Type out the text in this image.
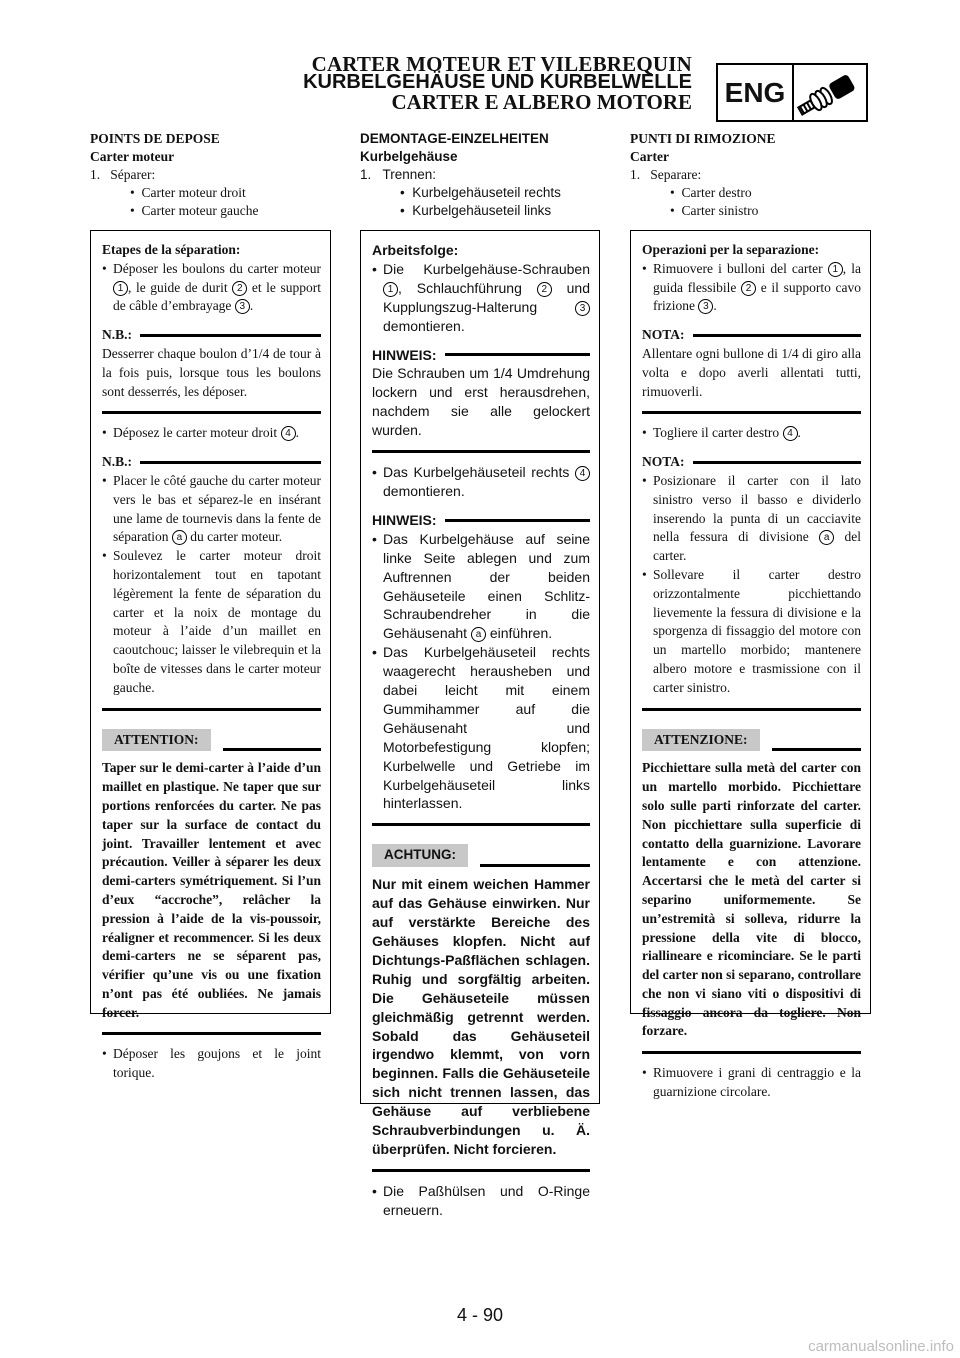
CARTER MOTEUR ET VILEBREQUIN
KURBELGEHÄUSE UND KURBELWELLE
CARTER E ALBERO MOTORE	ENG
POINTS DE DEPOSE
Carter moteur
1.   Séparer:
•  Carter moteur droit
•  Carter moteur gauche
DEMONTAGE-EINZELHEITEN
Kurbelgehäuse
1.   Trennen:
•  Kurbelgehäuseteil rechts
•  Kurbelgehäuseteil links
PUNTI DI RIMOZIONE
Carter
1.   Separare:
•  Carter destro
•  Carter sinistro

Etapes de la séparation:

• Déposer les boulons du carter moteur 1 , le guide de durit 2 et le support de câble d’embrayage 3 .
N.B.:

Desserrer chaque boulon d’1/4 de tour à la fois puis, lorsque tous les boulons sont desserrés, les déposer.

• Déposez le carter moteur droit 4 .
N.B.:
• Placer le côté gauche du carter moteur vers le bas et séparez-le en insérant une lame de tournevis dans la fente de séparation a du carter moteur.
• Soulevez le carter moteur droit horizontalement tout en tapotant légèrement la fente de séparation du carter et la noix de montage du moteur à l’aide d’un maillet en caoutchouc; laisser le vilebrequin et la boîte de vitesses dans le carter moteur gauche.
ATTENTION:

Taper sur le demi-carter à l’aide d’un maillet en plastique. Ne taper que sur portions renforcées du carter. Ne pas taper sur la surface de contact du joint. Travailler lentement et avec précaution. Veiller à séparer les deux demi-carters symétriquement. Si l’un d’eux “accroche”, relâcher la pression à l’aide de la vis-poussoir, réaligner et recommencer. Si les deux demi-carters ne se séparent pas, vérifier qu’une vis ou une fixation n’ont pas été oubliées. Ne jamais forcer.

• Déposer les goujons et le joint torique.

Arbeitsfolge:

• Die Kurbelgehäuse-Schrauben 1 , Schlauchführung 2 und Kupplungszug-Halterung 3 demontieren.
HINWEIS:

Die Schrauben um 1/4 Umdrehung lockern und erst herausdrehen, nachdem sie alle gelockert wurden.

• Das Kurbelgehäuseteil rechts 4 demontieren.
HINWEIS:
• Das Kurbelgehäuse auf seine linke Seite ablegen und zum Auftrennen der beiden Gehäuseteile einen Schlitz-Schraubendreher in die Gehäusenaht a einführen.
• Das Kurbelgehäuseteil rechts waagerecht herausheben und dabei leicht mit einem Gummihammer auf die Gehäusenaht und Motorbefestigung klopfen; Kurbelwelle und Getriebe im Kurbelgehäuseteil links hinterlassen.
ACHTUNG:

Nur mit einem weichen Hammer auf das Gehäuse einwirken. Nur auf verstärkte Bereiche des Gehäuses klopfen. Nicht auf Dichtungs-Paßflächen schlagen. Ruhig und sorgfältig arbeiten. Die Gehäuseteile müssen gleichmäßig getrennt werden. Sobald das Gehäuseteil irgendwo klemmt, von vorn beginnen. Falls die Gehäuseteile sich nicht trennen lassen, das Gehäuse auf verbliebene Schraubverbindungen u. Ä. überprüfen. Nicht forcieren.

• Die Paßhülsen und O-Ringe erneuern.

Operazioni per la separazione:

• Rimuovere i bulloni del carter 1 , la guida flessibile 2 e il supporto cavo frizione 3 .
NOTA:

Allentare ogni bullone di 1/4 di giro alla volta e dopo averli allentati tutti, rimuoverli.

• Togliere il carter destro 4 .
NOTA:
• Posizionare il carter con il lato sinistro verso il basso e dividerlo inserendo la punta di un cacciavite nella fessura di divisione a del carter.
• Sollevare il carter destro orizzontalmente picchiettando lievemente la fessura di divisione e la sporgenza di fissaggio del motore con un martello morbido; mantenere albero motore e trasmissione con il carter sinistro.
ATTENZIONE:

Picchiettare sulla metà del carter con un martello morbido. Picchiettare solo sulle parti rinforzate del carter. Non picchiettare sulla superficie di contatto della guarnizione. Lavorare lentamente e con attenzione. Accertarsi che le metà del carter si separino uniformemente. Se un’estremità si solleva, ridurre la pressione della vite di blocco, riallineare e ricominciare. Se le parti del carter non si separano, controllare che non vi siano viti o dispositivi di fissaggio ancora da togliere. Non forzare.

• Rimuovere i grani di centraggio e la guarnizione circolare.
4 - 90
carmanualsonline.info
